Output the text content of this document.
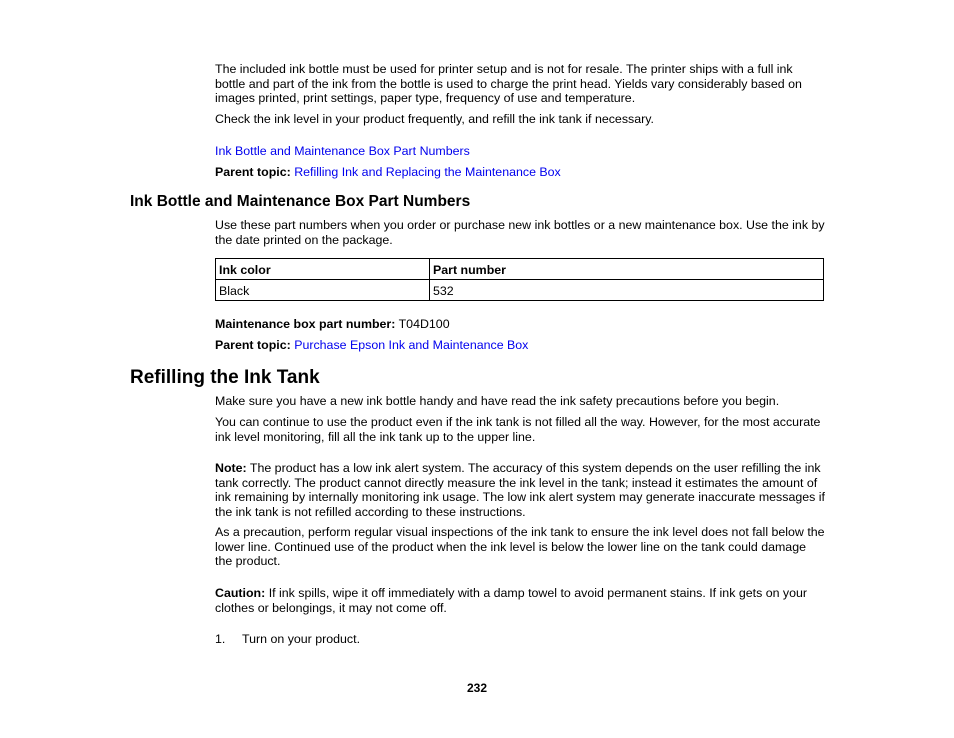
The included ink bottle must be used for printer setup and is not for resale. The printer ships with a full ink bottle and part of the ink from the bottle is used to charge the print head. Yields vary considerably based on images printed, print settings, paper type, frequency of use and temperature.

Check the ink level in your product frequently, and refill the ink tank if necessary.

Ink Bottle and Maintenance Box Part Numbers

Parent topic: Refilling Ink and Replacing the Maintenance Box

Ink Bottle and Maintenance Box Part Numbers

Use these part numbers when you order or purchase new ink bottles or a new maintenance box. Use the ink by the date printed on the package.

Ink color	Part number
Black	532

Maintenance box part number: T04D100

Parent topic: Purchase Epson Ink and Maintenance Box

Refilling the Ink Tank

Make sure you have a new ink bottle handy and have read the ink safety precautions before you begin.

You can continue to use the product even if the ink tank is not filled all the way. However, for the most accurate ink level monitoring, fill all the ink tank up to the upper line.

Note: The product has a low ink alert system. The accuracy of this system depends on the user refilling the ink tank correctly. The product cannot directly measure the ink level in the tank; instead it estimates the amount of ink remaining by internally monitoring ink usage. The low ink alert system may generate inaccurate messages if the ink tank is not refilled according to these instructions.

As a precaution, perform regular visual inspections of the ink tank to ensure the ink level does not fall below the lower line. Continued use of the product when the ink level is below the lower line on the tank could damage the product.

Caution: If ink spills, wipe it off immediately with a damp towel to avoid permanent stains. If ink gets on your clothes or belongings, it may not come off.

1. Turn on your product.

232
